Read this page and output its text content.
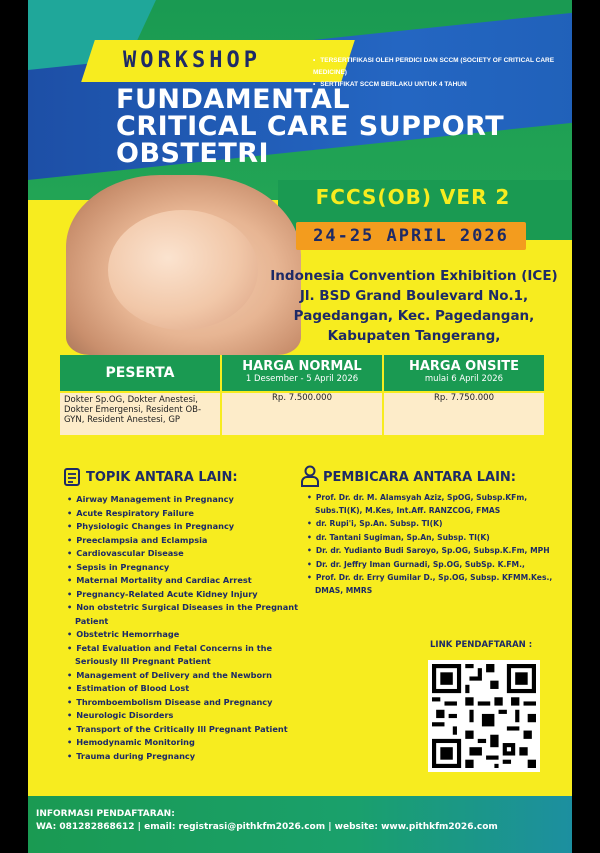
WORKSHOP
•	TERSERTIFIKASI OLEH PERDICI DAN SCCM (SOCIETY OF CRITICAL CARE MEDICINE)
• SERTIFIKAT SCCM BERLAKU UNTUK 4 TAHUN
FUNDAMENTAL
CRITICAL CARE SUPPORT
OBSTETRI
FCCS(OB) VER 2
24-25 APRIL 2026
Indonesia Convention Exhibition (ICE)
Jl. BSD Grand Boulevard No.1,
Pagedangan, Kec. Pagedangan,
Kabupaten Tangerang,
PESERTA	HARGA NORMAL
1 Desember - 5 April 2026
HARGA ONSITE
mulai 6 April 2026
Dokter Sp.OG, Dokter Anestesi, Dokter Emergensi, Resident OB-GYN, Resident Anestesi, GP
Rp. 7.500.000	Rp. 7.750.000
TOPIK ANTARA LAIN:	PEMBICARA ANTARA LAIN:
• Airway Management in Pregnancy
• Acute Respiratory Failure
• Physiologic Changes in Pregnancy
• Preeclampsia and Eclampsia
• Cardiovascular Disease
• Sepsis in Pregnancy
• Maternal Mortality and Cardiac Arrest
• Pregnancy-Related Acute Kidney Injury
• Non obstetric Surgical Diseases in the Pregnant Patient
• Obstetric Hemorrhage
• Fetal Evaluation and Fetal Concerns in the Seriously Ill Pregnant Patient
• Management of Delivery and the Newborn
• Estimation of Blood Lost
• Thromboembolism Disease and Pregnancy
• Neurologic Disorders
• Transport of the Critically Ill Pregnant Patient
• Hemodynamic Monitoring
• Trauma during Pregnancy
• Prof. Dr. dr. M. Alamsyah Aziz, SpOG, Subsp.KFm, Subs.TI(K), M.Kes, Int.Aff. RANZCOG, FMAS
• dr. Rupi'i, Sp.An. Subsp. TI(K)
• dr. Tantani Sugiman, Sp.An, Subsp. TI(K)
• Dr. dr. Yudianto Budi Saroyo, Sp.OG, Subsp.K.Fm, MPH
• Dr. dr. Jeffry Iman Gurnadi, Sp.OG, SubSp. K.FM.,
• Prof. Dr. dr. Erry Gumilar D., Sp.OG, Subsp. KFMM.Kes., DMAS, MMRS
LINK PENDAFTARAN :
INFORMASI PENDAFTARAN:
WA: 081282868612 | email: registrasi@pithkfm2026.com | website: www.pithkfm2026.com
